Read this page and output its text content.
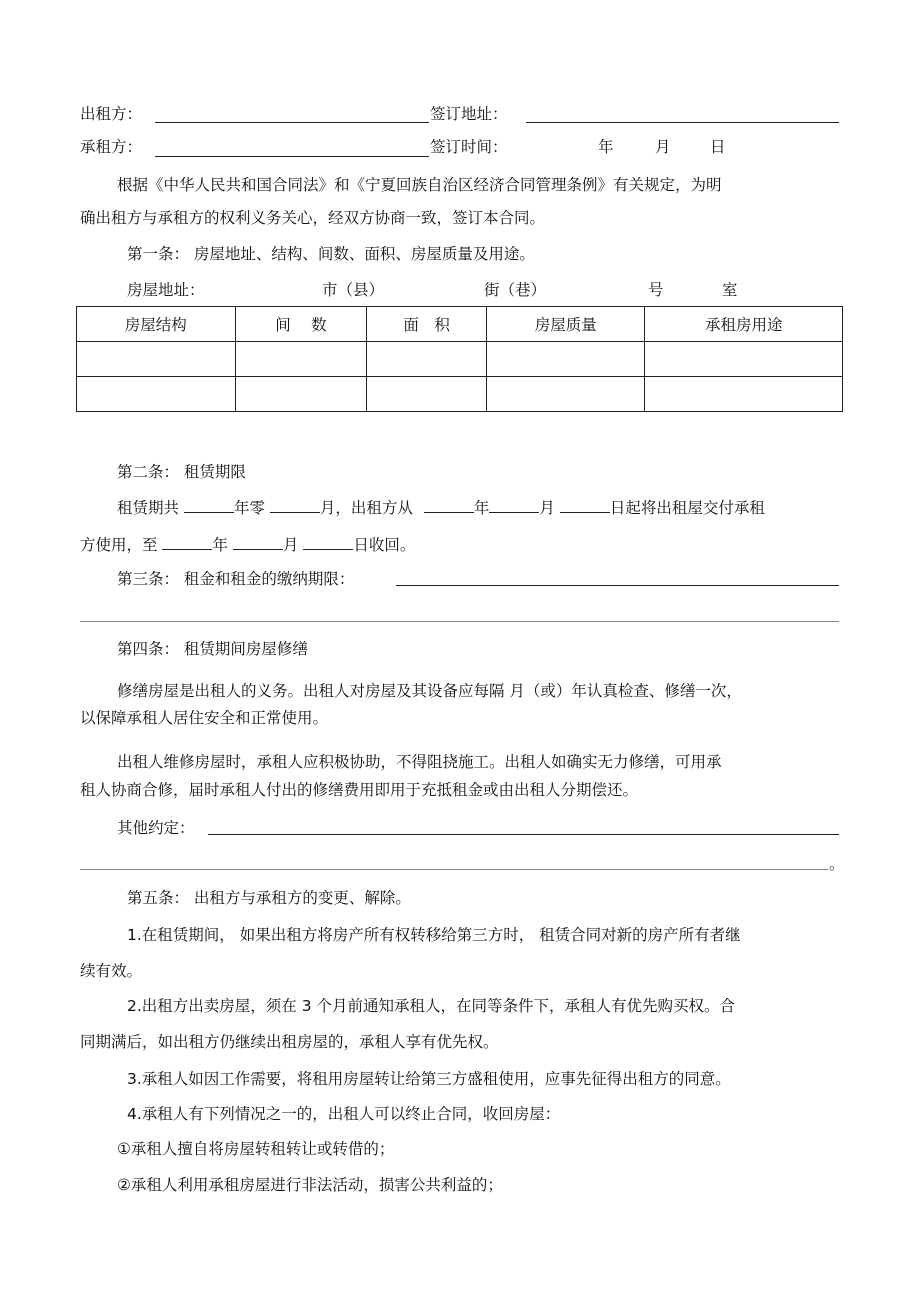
出租方：	签订地址：
承租方：	签订时间：	年	月	日
根据《中华人民共和国合同法》和《宁夏回族自治区经济合同管理条例》有关规定，为明
确出租方与承租方的权利义务关心，经双方协商一致，签订本合同。
第一条： 房屋地址、结构、间数、面积、房屋质量及用途。
房屋地址：	市（县）	街（巷）	号	室
房屋结构	间　 数	面　积	房屋质量	承租房用途

第二条： 租赁期限
租赁期共	年零	月，出租方从	年	月	日起将出租屋交付承租
方使用，至	年	月	日收回。
第三条： 租金和租金的缴纳期限：
第四条： 租赁期间房屋修缮
修缮房屋是出租人的义务。出租人对房屋及其设备应每隔 月（或）年认真检查、修缮一次，
以保障承租人居住安全和正常使用。
出租人维修房屋时，承租人应积极协助，不得阻挠施工。出租人如确实无力修缮，可用承
租人协商合修，届时承租人付出的修缮费用即用于充抵租金或由出租人分期偿还。
其他约定：
。
第五条： 出租方与承租方的变更、解除。
1.在租赁期间， 如果出租方将房产所有权转移给第三方时， 租赁合同对新的房产所有者继
续有效。
2.出租方出卖房屋，须在 3 个月前通知承租人，在同等条件下，承租人有优先购买权。合
同期满后，如出租方仍继续出租房屋的，承租人享有优先权。
3.承租人如因工作需要，将租用房屋转让给第三方盛租使用，应事先征得出租方的同意。
4.承租人有下列情况之一的，出租人可以终止合同，收回房屋：
①承租人擅自将房屋转租转让或转借的；
②承租人利用承租房屋进行非法活动，损害公共利益的；
